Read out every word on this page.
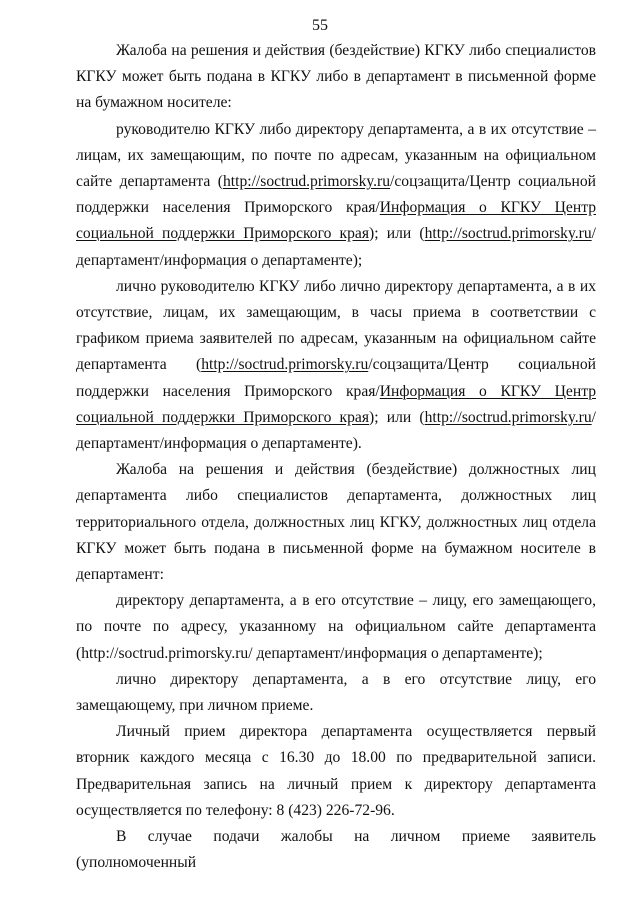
55

Жалоба на решения и действия (бездействие) КГКУ либо специалистов КГКУ может быть подана в КГКУ либо в департамент в письменной форме на бумажном носителе:

руководителю КГКУ либо директору департамента, а в их отсутствие – лицам, их замещающим, по почте по адресам, указанным на официальном сайте департамента (http://soctrud.primorsky.ru/соцзащита/Центр социальной поддержки населения Приморского края/Информация о КГКУ Центр социальной поддержки Приморского края); или (http://soctrud.primorsky.ru/департамент/информация о департаменте);

лично руководителю КГКУ либо лично директору департамента, а в их отсутствие, лицам, их замещающим, в часы приема в соответствии с графиком приема заявителей по адресам, указанным на официальном сайте департамента (http://soctrud.primorsky.ru/соцзащита/Центр социальной поддержки населения Приморского края/Информация о КГКУ Центр социальной поддержки Приморского края); или (http://soctrud.primorsky.ru/департамент/информация о департаменте).

Жалоба на решения и действия (бездействие) должностных лиц департамента либо специалистов департамента, должностных лиц территориального отдела, должностных лиц КГКУ, должностных лиц отдела КГКУ может быть подана в письменной форме на бумажном носителе в департамент:

директору департамента, а в его отсутствие – лицу, его замещающего, по почте по адресу, указанному на официальном сайте департамента (http://soctrud.primorsky.ru/ департамент/информация о департаменте);

лично директору департамента, а в его отсутствие лицу, его замещающему, при личном приеме.

Личный прием директора департамента осуществляется первый вторник каждого месяца с 16.30 до 18.00 по предварительной записи. Предварительная запись на личный прием к директору департамента осуществляется по телефону: 8 (423) 226-72-96.

В случае подачи жалобы на личном приеме заявитель (уполномоченный
